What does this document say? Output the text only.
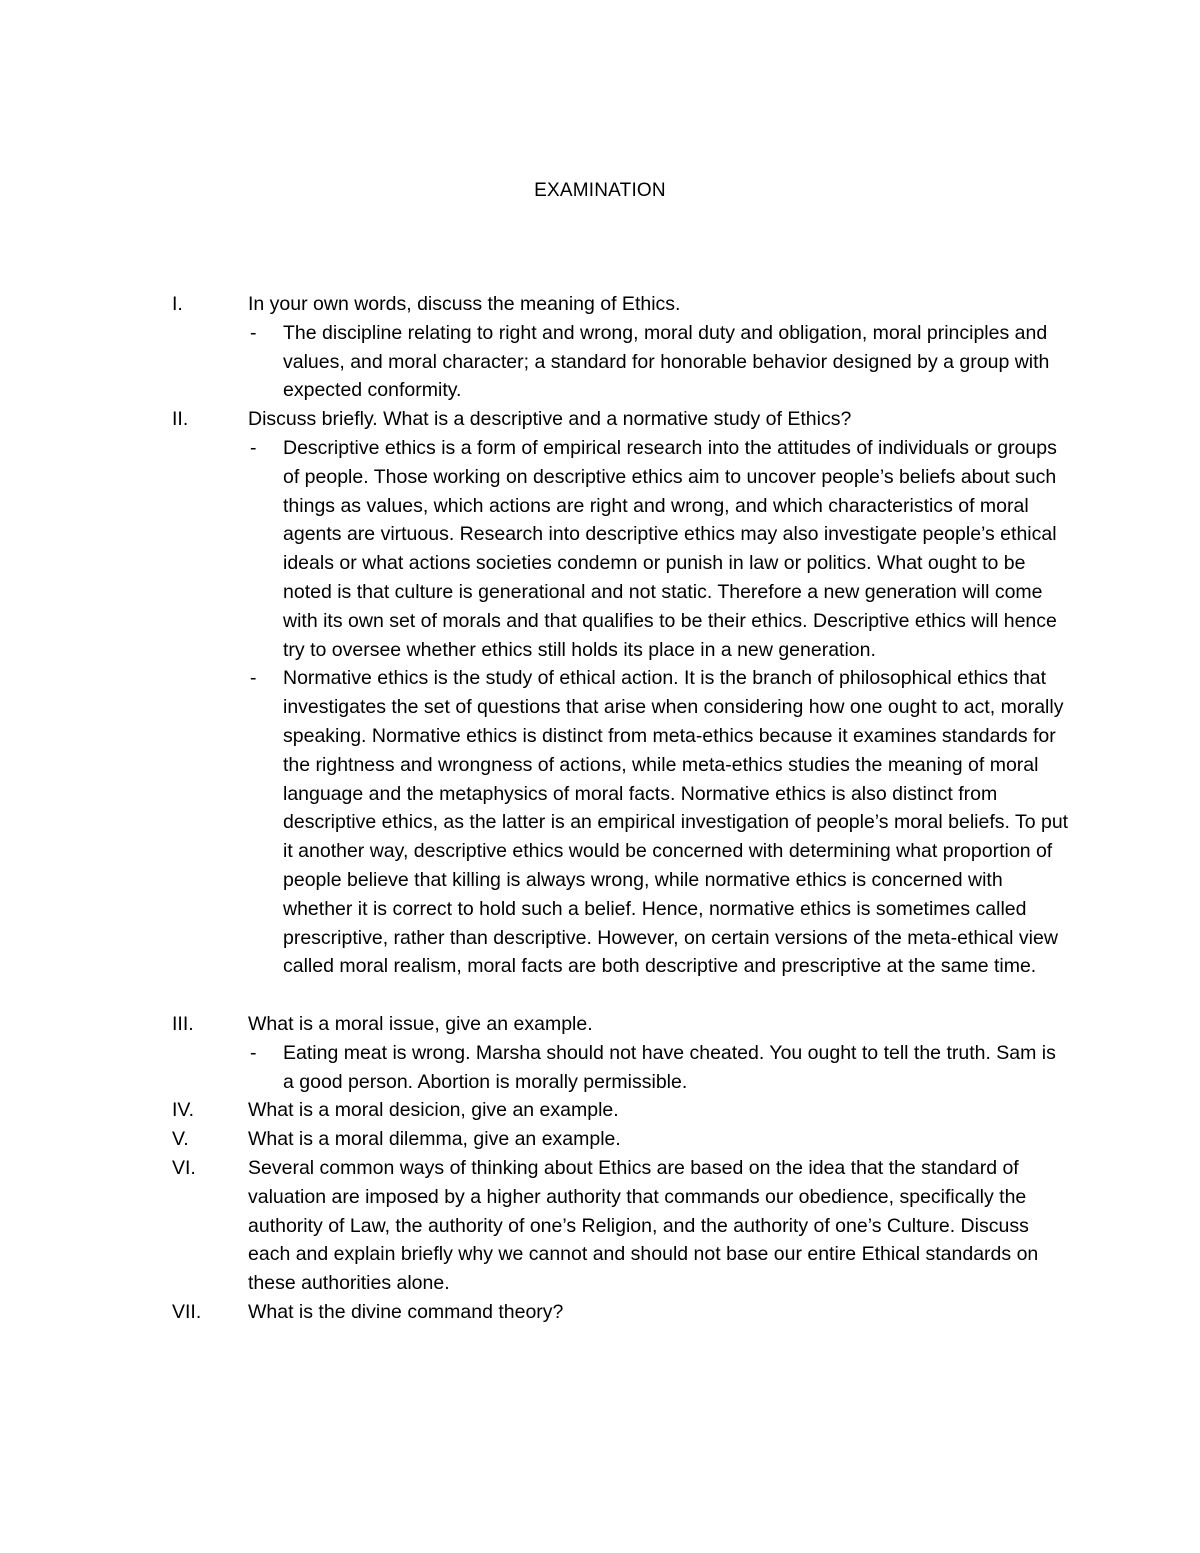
EXAMINATION
I.	In your own words, discuss the meaning of Ethics.
- The discipline relating to right and wrong, moral duty and obligation, moral principles and values, and moral character; a standard for honorable behavior designed by a group with expected conformity.
II.	Discuss briefly. What is a descriptive and a normative study of Ethics?
- Descriptive ethics is a form of empirical research into the attitudes of individuals or groups of people. Those working on descriptive ethics aim to uncover people’s beliefs about such things as values, which actions are right and wrong, and which characteristics of moral agents are virtuous. Research into descriptive ethics may also investigate people’s ethical ideals or what actions societies condemn or punish in law or politics. What ought to be noted is that culture is generational and not static. Therefore a new generation will come with its own set of morals and that qualifies to be their ethics. Descriptive ethics will hence try to oversee whether ethics still holds its place in a new generation.
- Normative ethics is the study of ethical action. It is the branch of philosophical ethics that investigates the set of questions that arise when considering how one ought to act, morally speaking. Normative ethics is distinct from meta-ethics because it examines standards for the rightness and wrongness of actions, while meta-ethics studies the meaning of moral language and the metaphysics of moral facts. Normative ethics is also distinct from descriptive ethics, as the latter is an empirical investigation of people’s moral beliefs. To put it another way, descriptive ethics would be concerned with determining what proportion of people believe that killing is always wrong, while normative ethics is concerned with whether it is correct to hold such a belief. Hence, normative ethics is sometimes called prescriptive, rather than descriptive. However, on certain versions of the meta-ethical view called moral realism, moral facts are both descriptive and prescriptive at the same time.
III.	What is a moral issue, give an example.
- Eating meat is wrong. Marsha should not have cheated. You ought to tell the truth. Sam is a good person. Abortion is morally permissible.
IV.	What is a moral desicion, give an example.
V.	What is a moral dilemma, give an example.
VI.	Several common ways of thinking about Ethics are based on the idea that the standard of valuation are imposed by a higher authority that commands our obedience, specifically the authority of Law, the authority of one’s Religion, and the authority of one’s Culture. Discuss each and explain briefly why we cannot and should not base our entire Ethical standards on these authorities alone.
VII.	What is the divine command theory?
